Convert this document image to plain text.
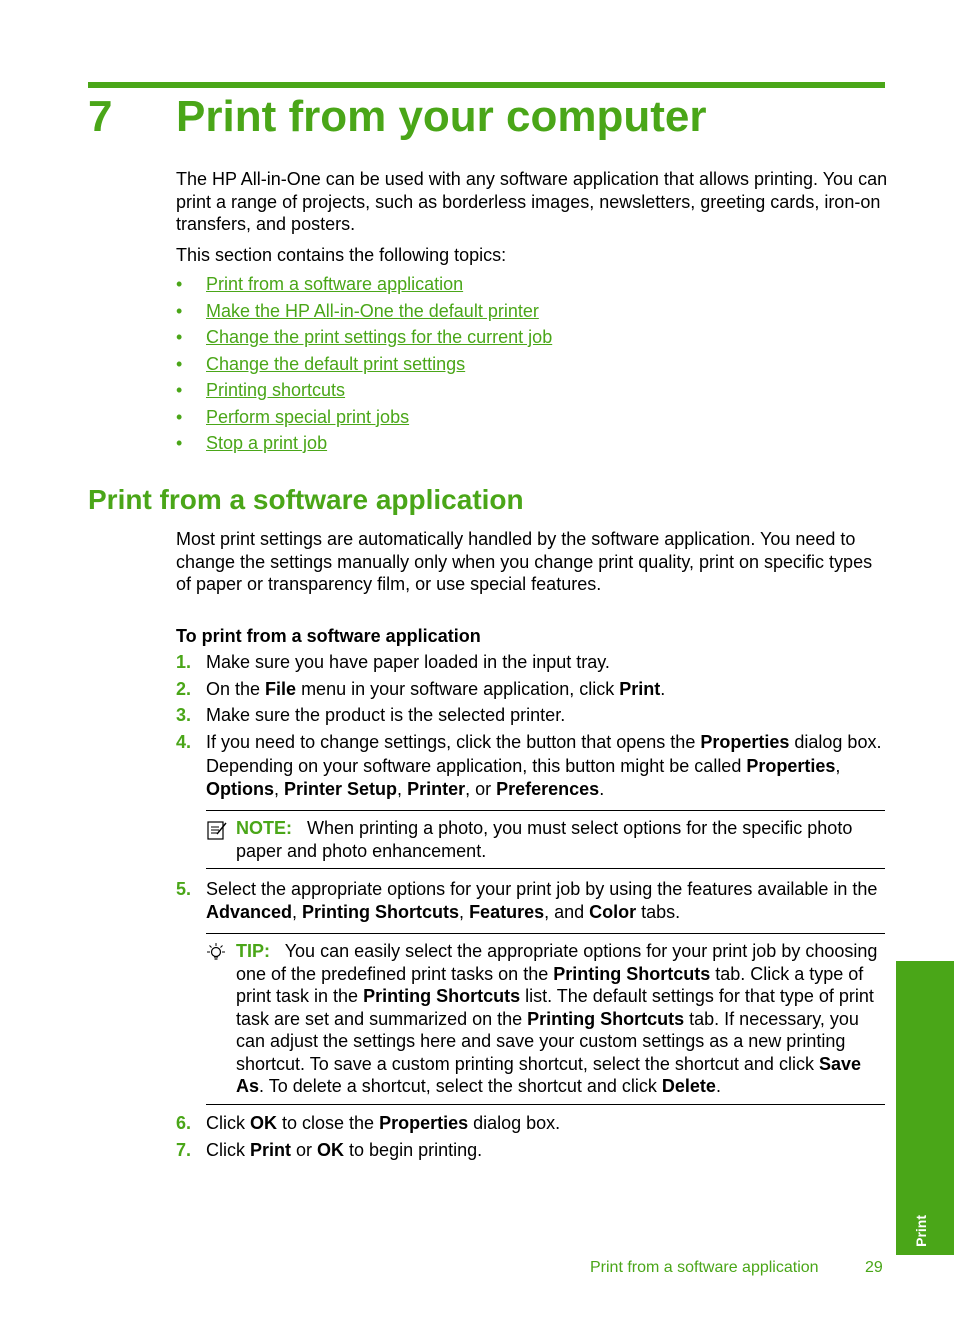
7 Print from your computer

The HP All-in-One can be used with any software application that allows printing. You can print a range of projects, such as borderless images, newsletters, greeting cards, iron-on transfers, and posters.

This section contains the following topics:

• Print from a software application
• Make the HP All-in-One the default printer
• Change the print settings for the current job
• Change the default print settings
• Printing shortcuts
• Perform special print jobs
• Stop a print job
Print from a software application

Most print settings are automatically handled by the software application. You need to change the settings manually only when you change print quality, print on specific types of paper or transparency film, or use special features.

To print from a software application

1. Make sure you have paper loaded in the input tray.
2. On the File menu in your software application, click Print.
3. Make sure the product is the selected printer.
4. If you need to change settings, click the button that opens the Properties dialog box. Depending on your software application, this button might be called Properties, Options, Printer Setup, Printer, or Preferences.
NOTE: When printing a photo, you must select options for the specific photo paper and photo enhancement.
5. Select the appropriate options for your print job by using the features available in the Advanced, Printing Shortcuts, Features, and Color tabs.
TIP: You can easily select the appropriate options for your print job by choosing one of the predefined print tasks on the Printing Shortcuts tab. Click a type of print task in the Printing Shortcuts list. The default settings for that type of print task are set and summarized on the Printing Shortcuts tab. If necessary, you can adjust the settings here and save your custom settings as a new printing shortcut. To save a custom printing shortcut, select the shortcut and click Save As. To delete a shortcut, select the shortcut and click Delete.
6. Click OK to close the Properties dialog box.
7. Click Print or OK to begin printing.
Print
Print from a software application	29
